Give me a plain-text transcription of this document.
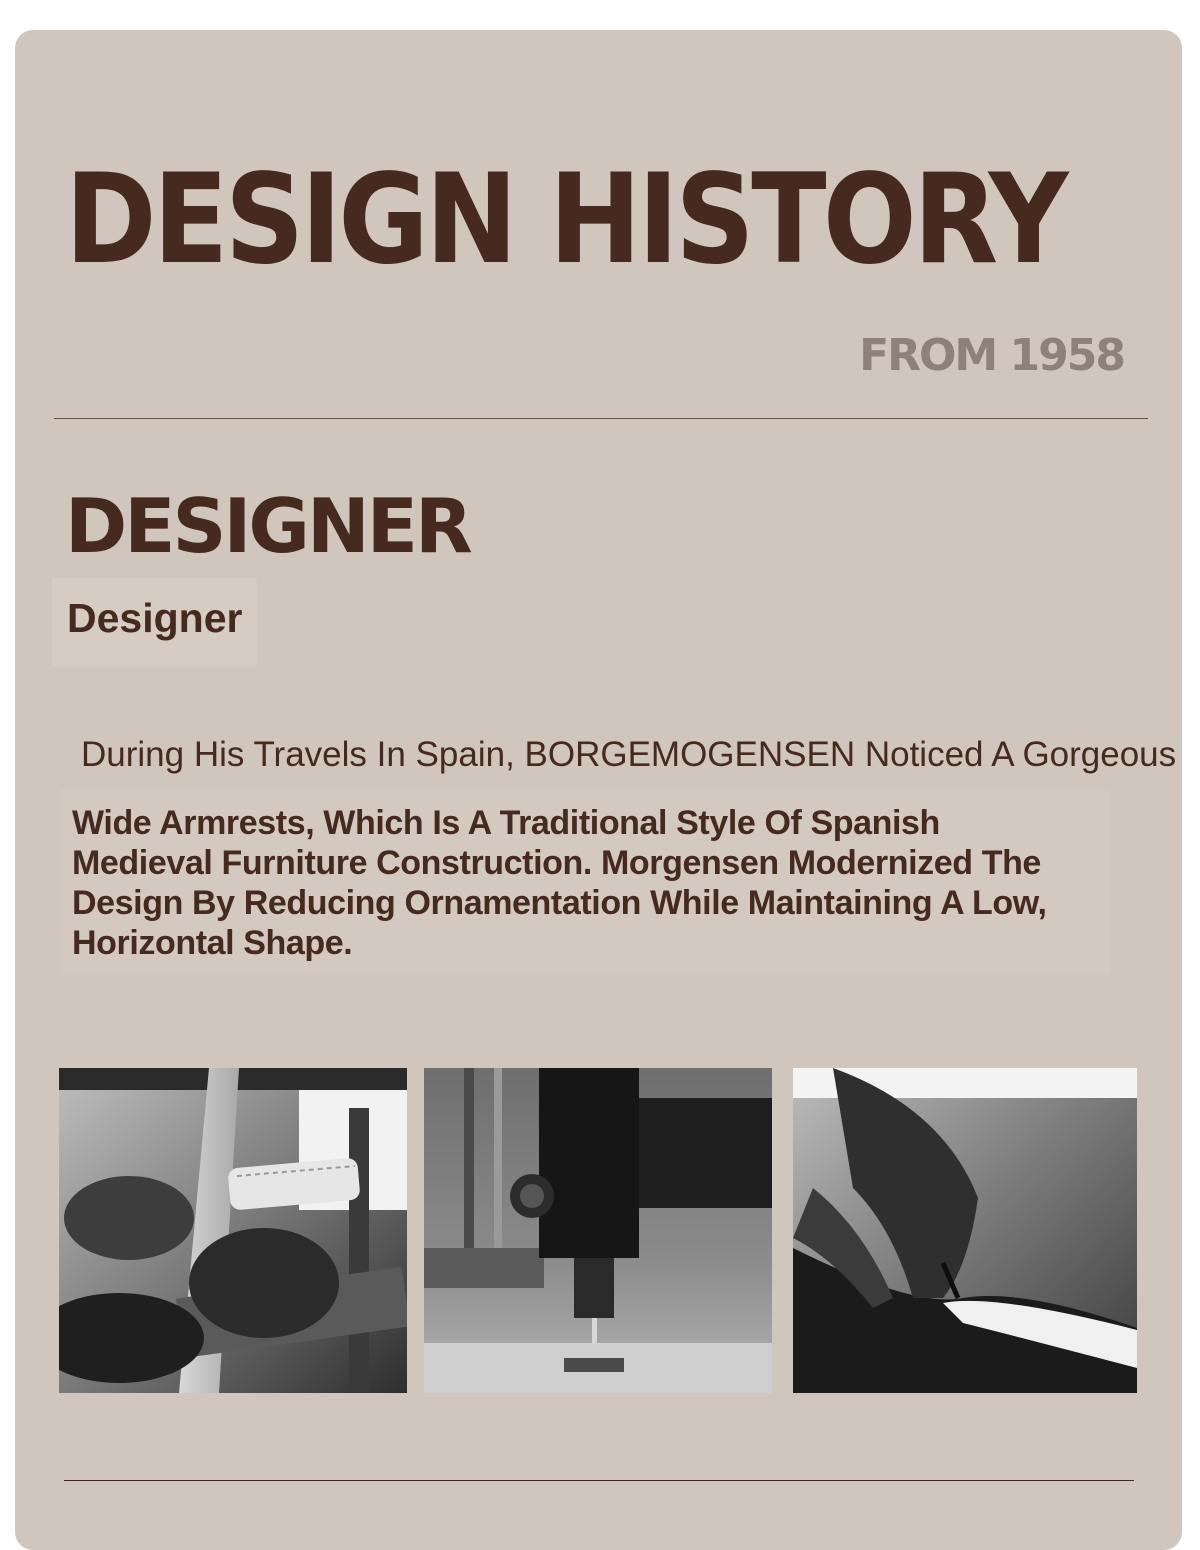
DESIGN HISTORY
FROM 1958
DESIGNER
Designer
During His Travels In Spain, BORGEMOGENSEN Noticed A Gorgeous
Wide Armrests, Which Is A Traditional Style Of Spanish Medieval Furniture Construction. Morgensen Modernized The Design By Reducing Ornamentation While Maintaining A Low, Horizontal Shape.
